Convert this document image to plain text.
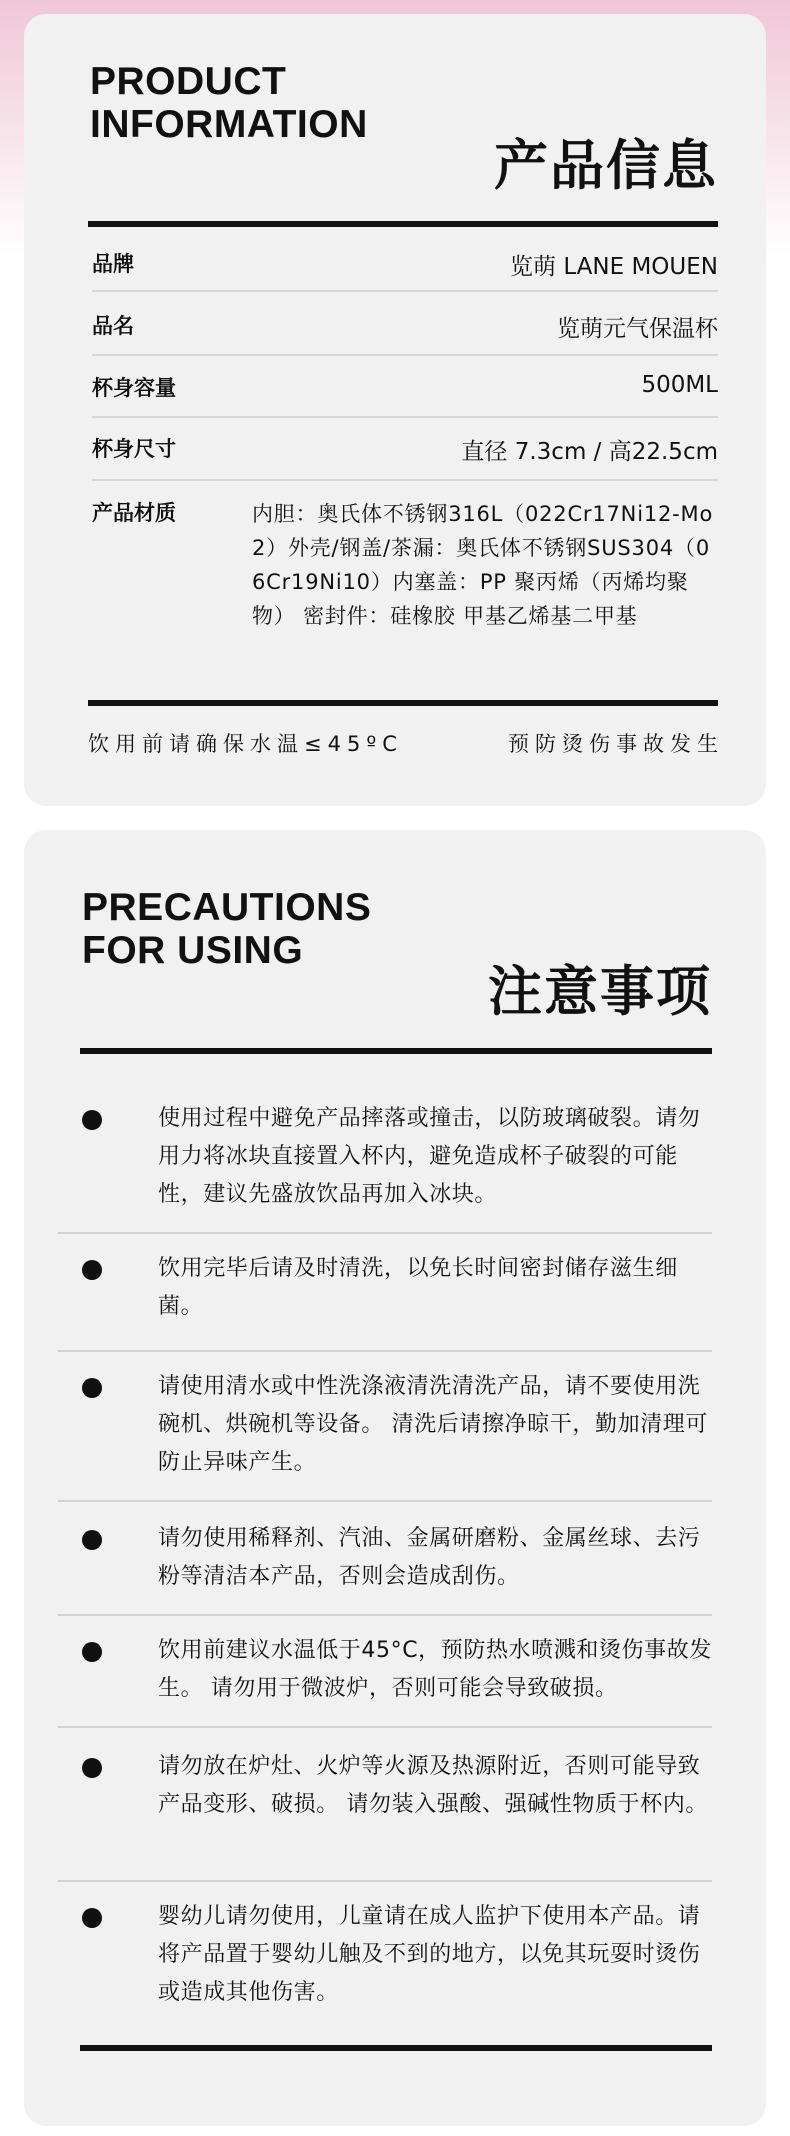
PRODUCT
INFORMATION
产品信息
品牌	览萌 LANE MOUEN
品名	览萌元气保温杯
杯身容量	500ML
杯身尺寸	直径 7.3cm / 高22.5cm
产品材质	内胆：奥氏体不锈钢316L（022Cr17Ni12-Mo2）外壳/钢盖/茶漏：奥氏体不锈钢SUS304（06Cr19Ni10）内塞盖：PP 聚丙烯（丙烯均聚物） 密封件：硅橡胶 甲基乙烯基二甲基
饮用前请确保水温≤45ºC	预防烫伤事故发生
PRECAUTIONS
FOR USING
注意事项
使用过程中避免产品摔落或撞击，以防玻璃破裂。请勿用力将冰块直接置入杯内，避免造成杯子破裂的可能性，建议先盛放饮品再加入冰块。
饮用完毕后请及时清洗，以免长时间密封储存滋生细菌。
请使用清水或中性洗涤液清洗清洗产品，请不要使用洗碗机、烘碗机等设备。 清洗后请擦净晾干，勤加清理可防止异味产生。
请勿使用稀释剂、汽油、金属研磨粉、金属丝球、去污粉等清洁本产品，否则会造成刮伤。
饮用前建议水温低于45°C，预防热水喷溅和烫伤事故发生。 请勿用于微波炉，否则可能会导致破损。
请勿放在炉灶、火炉等火源及热源附近，否则可能导致产品变形、破损。 请勿装入强酸、强碱性物质于杯内。
婴幼儿请勿使用，儿童请在成人监护下使用本产品。请将产品置于婴幼儿触及不到的地方，以免其玩耍时烫伤或造成其他伤害。
